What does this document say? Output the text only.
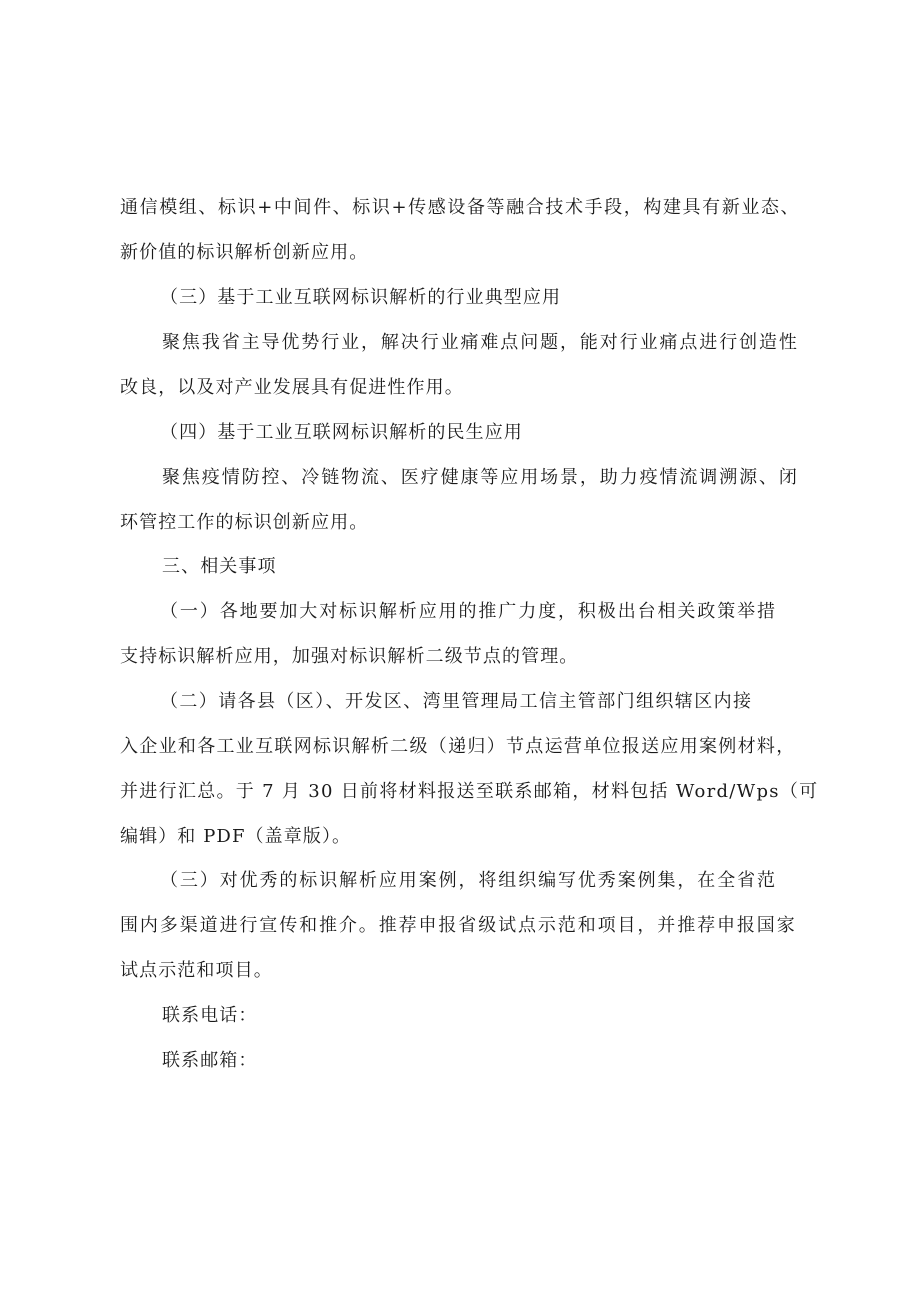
通信模组、标识+中间件、标识+传感设备等融合技术手段，构建具有新业态、
新价值的标识解析创新应用。
（三）基于工业互联网标识解析的行业典型应用
聚焦我省主导优势行业，解决行业痛难点问题，能对行业痛点进行创造性
改良，以及对产业发展具有促进性作用。
（四）基于工业互联网标识解析的民生应用
聚焦疫情防控、冷链物流、医疗健康等应用场景，助力疫情流调溯源、闭
环管控工作的标识创新应用。
三、相关事项
（一）各地要加大对标识解析应用的推广力度，积极出台相关政策举措
支持标识解析应用，加强对标识解析二级节点的管理。
（二）请各县（区）、开发区、湾里管理局工信主管部门组织辖区内接
入企业和各工业互联网标识解析二级（递归）节点运营单位报送应用案例材料，
并进行汇总。于 7 月 30 日前将材料报送至联系邮箱，材料包括 Word/Wps（可
编辑）和 PDF（盖章版）。
（三）对优秀的标识解析应用案例，将组织编写优秀案例集，在全省范
围内多渠道进行宣传和推介。推荐申报省级试点示范和项目，并推荐申报国家
试点示范和项目。
联系电话：
联系邮箱：
